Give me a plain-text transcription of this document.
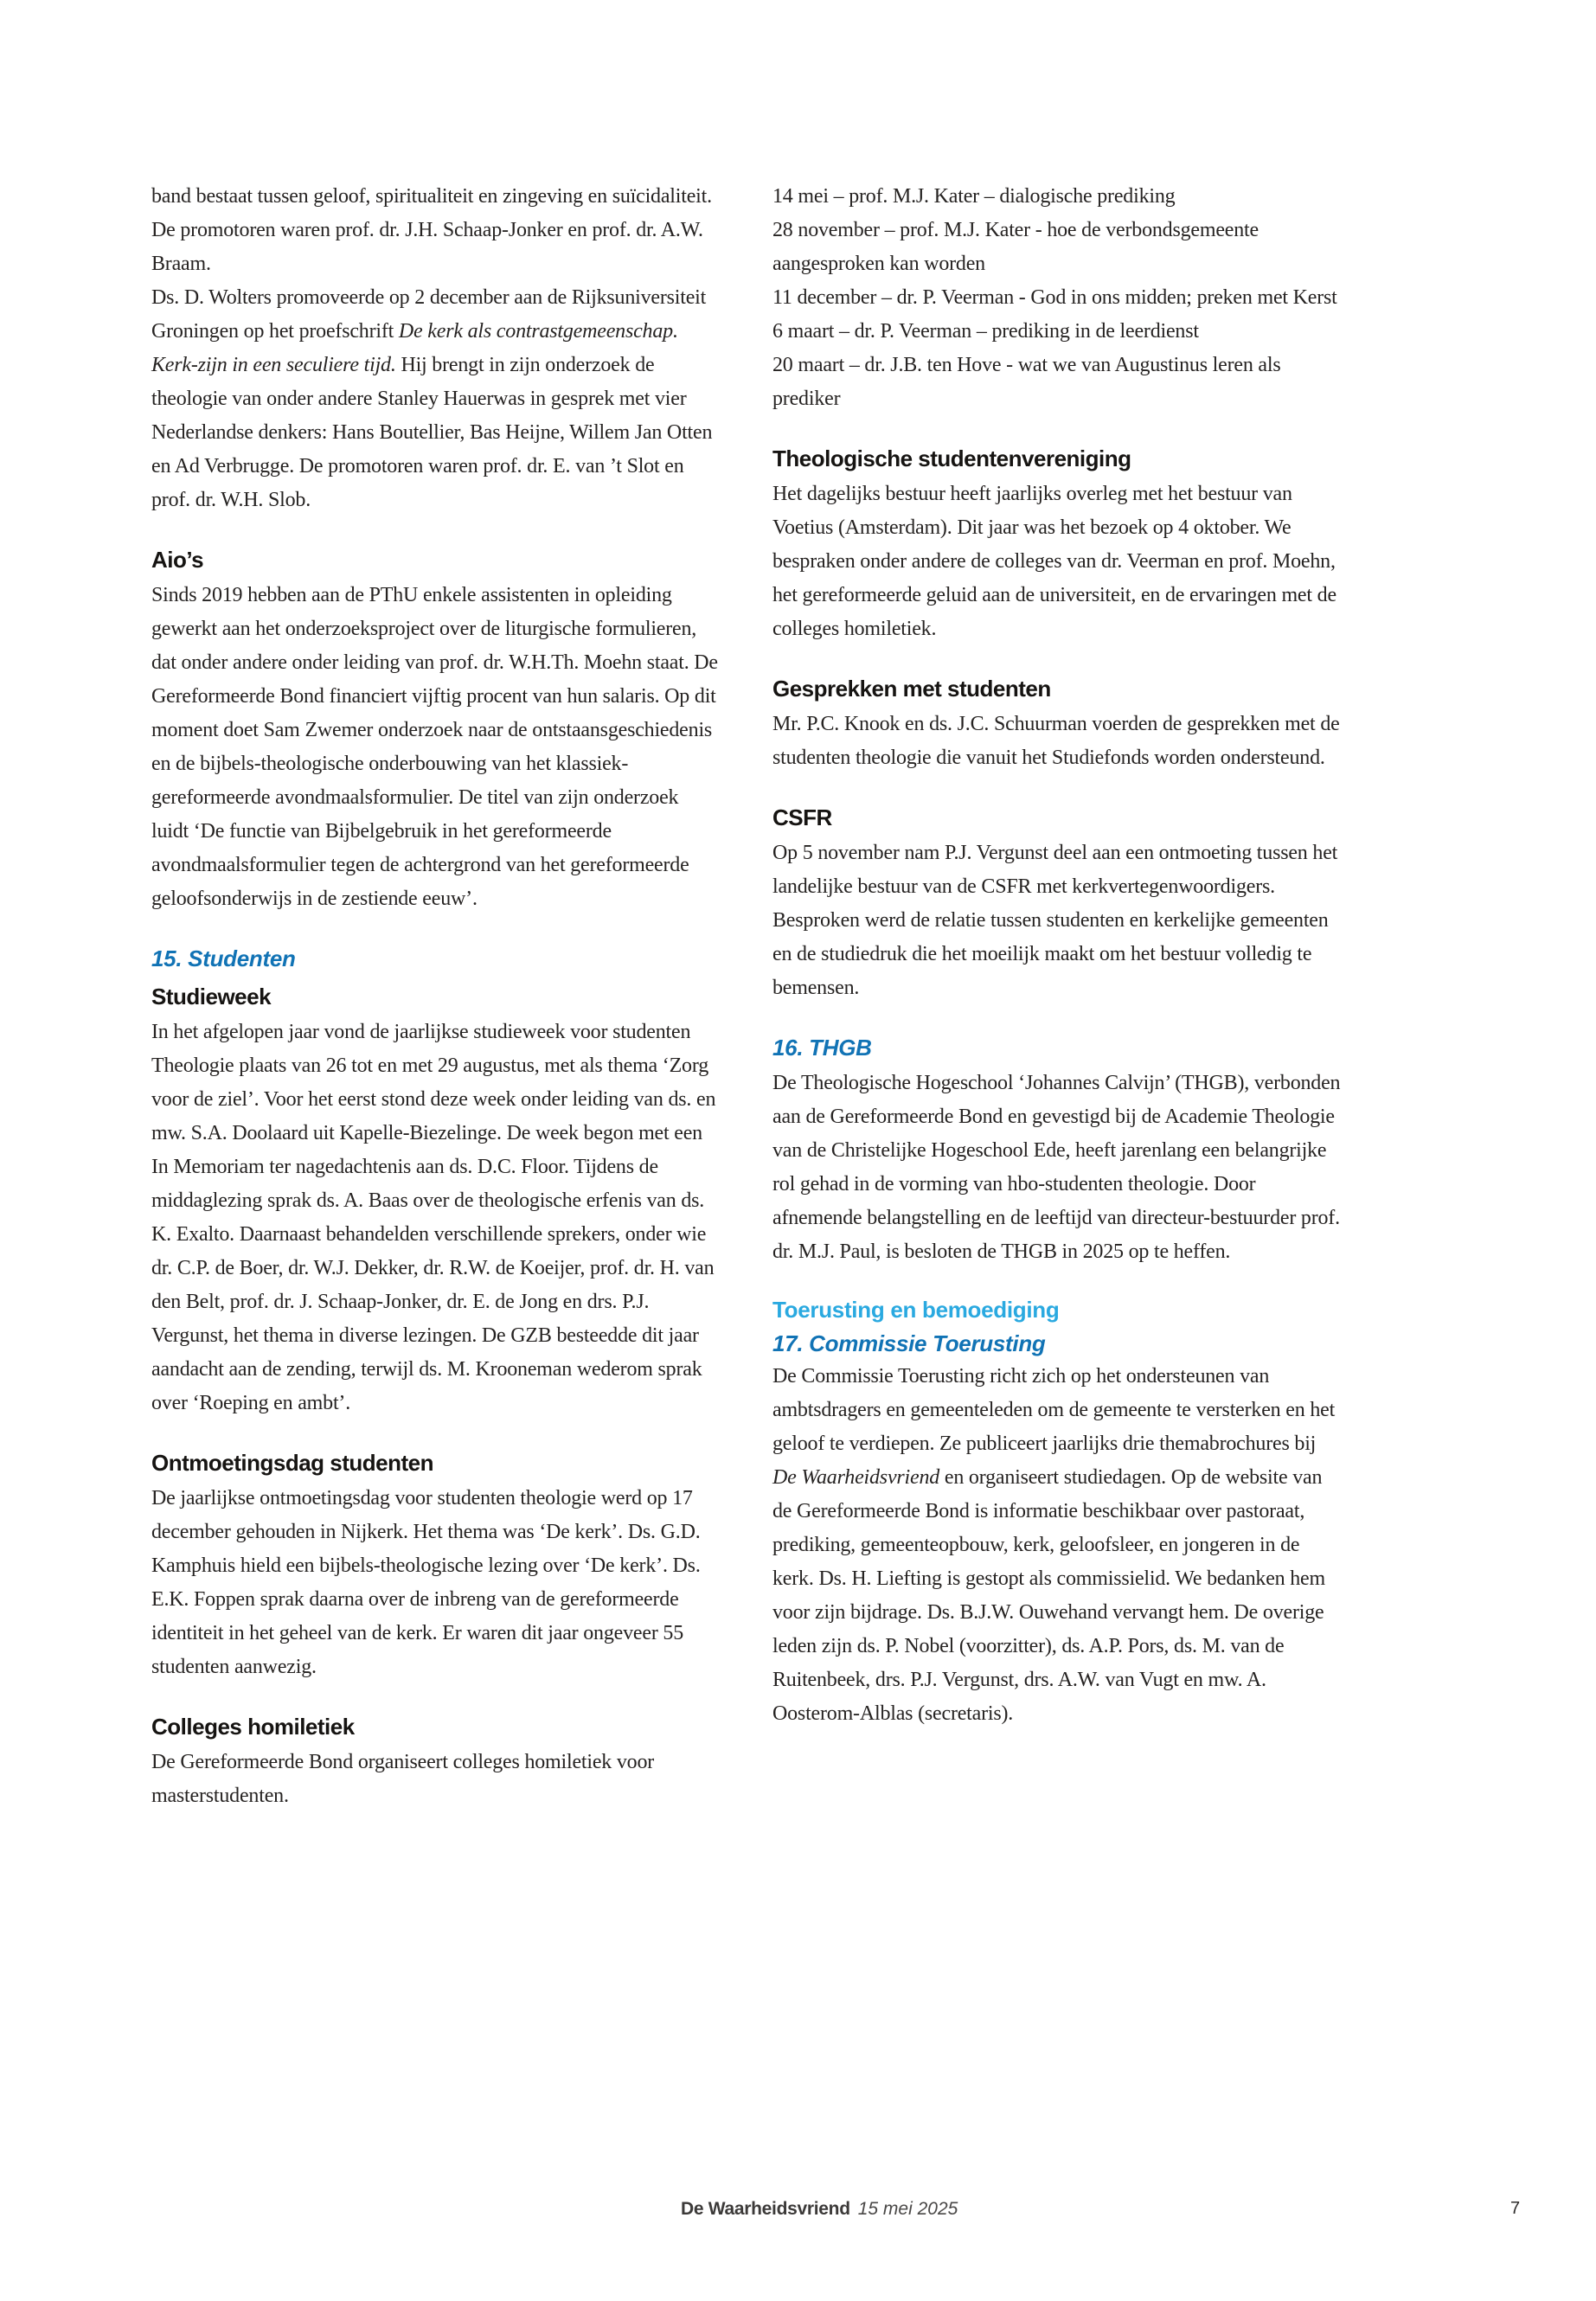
band bestaat tussen geloof, spiritualiteit en zingeving en suïcidaliteit. De promotoren waren prof. dr. J.H. Schaap-Jonker en prof. dr. A.W. Braam.

Ds. D. Wolters promoveerde op 2 december aan de Rijksuniversiteit Groningen op het proefschrift De kerk als contrastgemeenschap. Kerk-zijn in een seculiere tijd. Hij brengt in zijn onderzoek de theologie van onder andere Stanley Hauerwas in gesprek met vier Nederlandse denkers: Hans Boutellier, Bas Heijne, Willem Jan Otten en Ad Verbrugge. De promotoren waren prof. dr. E. van ’t Slot en prof. dr. W.H. Slob.

Aio’s

Sinds 2019 hebben aan de PThU enkele assistenten in opleiding gewerkt aan het onderzoeksproject over de liturgische formulieren, dat onder andere onder leiding van prof. dr. W.H.Th. Moehn staat. De Gereformeerde Bond financiert vijftig procent van hun salaris. Op dit moment doet Sam Zwemer onderzoek naar de ontstaansgeschiedenis en de bijbels-theologische onderbouwing van het klassiek-gereformeerde avondmaalsformulier. De titel van zijn onderzoek luidt ‘De functie van Bijbelgebruik in het gereformeerde avondmaalsformulier tegen de achtergrond van het gereformeerde geloofsonderwijs in de zestiende eeuw’.

15. Studenten
Studieweek

In het afgelopen jaar vond de jaarlijkse studieweek voor studenten Theologie plaats van 26 tot en met 29 augustus, met als thema ‘Zorg voor de ziel’. Voor het eerst stond deze week onder leiding van ds. en mw. S.A. Doolaard uit Kapelle-Biezelinge. De week begon met een In Memoriam ter nagedachtenis aan ds. D.C. Floor. Tijdens de middaglezing sprak ds. A. Baas over de theologische erfenis van ds. K. Exalto. Daarnaast behandelden verschillende sprekers, onder wie dr. C.P. de Boer, dr. W.J. Dekker, dr. R.W. de Koeijer, prof. dr. H. van den Belt, prof. dr. J. Schaap-Jonker, dr. E. de Jong en drs. P.J. Vergunst, het thema in diverse lezingen. De GZB besteedde dit jaar aandacht aan de zending, terwijl ds. M. Krooneman wederom sprak over ‘Roeping en ambt’.

Ontmoetingsdag studenten

De jaarlijkse ontmoetingsdag voor studenten theologie werd op 17 december gehouden in Nijkerk. Het thema was ‘De kerk’. Ds. G.D. Kamphuis hield een bijbels-theologische lezing over ‘De kerk’. Ds. E.K. Foppen sprak daarna over de inbreng van de gereformeerde identiteit in het geheel van de kerk. Er waren dit jaar ongeveer 55 studenten aanwezig.

Colleges homiletiek

De Gereformeerde Bond organiseert colleges homiletiek voor masterstudenten.

14 mei – prof. M.J. Kater – dialogische prediking

28 november – prof. M.J. Kater - hoe de verbondsgemeente aangesproken kan worden

11 december – dr. P. Veerman - God in ons midden; preken met Kerst

6 maart – dr. P. Veerman – prediking in de leerdienst

20 maart – dr. J.B. ten Hove - wat we van Augustinus leren als prediker

Theologische studentenvereniging

Het dagelijks bestuur heeft jaarlijks overleg met het bestuur van Voetius (Amsterdam). Dit jaar was het bezoek op 4 oktober. We bespraken onder andere de colleges van dr. Veerman en prof. Moehn, het gereformeerde geluid aan de universiteit, en de ervaringen met de colleges homiletiek.

Gesprekken met studenten

Mr. P.C. Knook en ds. J.C. Schuurman voerden de gesprekken met de studenten theologie die vanuit het Studiefonds worden ondersteund.

CSFR

Op 5 november nam P.J. Vergunst deel aan een ontmoeting tussen het landelijke bestuur van de CSFR met kerkvertegenwoordigers. Besproken werd de relatie tussen studenten en kerkelijke gemeenten en de studiedruk die het moeilijk maakt om het bestuur volledig te bemensen.

16. THGB

De Theologische Hogeschool ‘Johannes Calvijn’ (THGB), verbonden aan de Gereformeerde Bond en gevestigd bij de Academie Theologie van de Christelijke Hogeschool Ede, heeft jarenlang een belangrijke rol gehad in de vorming van hbo-studenten theologie. Door afnemende belangstelling en de leeftijd van directeur-bestuurder prof. dr. M.J. Paul, is besloten de THGB in 2025 op te heffen.

Toerusting en bemoediging
17. Commissie Toerusting

De Commissie Toerusting richt zich op het ondersteunen van ambtsdragers en gemeenteleden om de gemeente te versterken en het geloof te verdiepen. Ze publiceert jaarlijks drie themabrochures bij De Waarheidsvriend en organiseert studiedagen. Op de website van de Gereformeerde Bond is informatie beschikbaar over pastoraat, prediking, gemeenteopbouw, kerk, geloofsleer, en jongeren in de kerk. Ds. H. Liefting is gestopt als commissielid. We bedanken hem voor zijn bijdrage. Ds. B.J.W. Ouwehand vervangt hem. De overige leden zijn ds. P. Nobel (voorzitter), ds. A.P. Pors, ds. M. van de Ruitenbeek, drs. P.J. Vergunst, drs. A.W. van Vugt en mw. A. Oosterom-Alblas (secretaris).

De Waarheidsvriend 15 mei 2025	7
